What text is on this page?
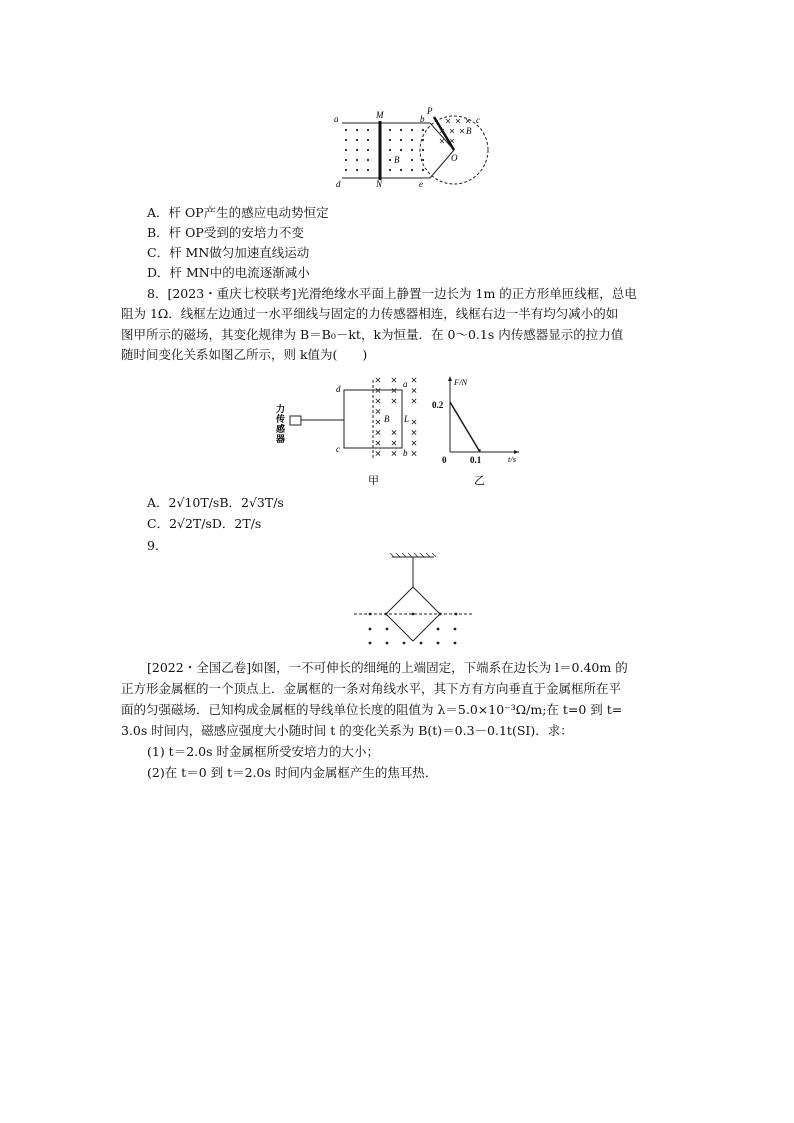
a	M	b
P
c
B
O
B
d	N	e
A．杆 OP产生的感应电动势恒定
B．杆 OP受到的安培力不变
C．杆 MN做匀加速直线运动
D．杆 MN中的电流逐渐减小
8．[2023・重庆七校联考]光滑绝缘水平面上静置一边长为 1m 的正方形单匝线框，总电
阻为 1Ω．线框左边通过一水平细线与固定的力传感器相连，线框右边一半有均匀减小的如
图甲所示的磁场，其变化规律为 B＝B₀－kt，k为恒量．在 0～0.1s 内传感器显示的拉力值
随时间变化关系如图乙所示，则 k值为(　　)
力
传
感
器
d	a
c	b
B L
甲
F/N
t/s
0.2
0.1
0
乙
A．2√10T/sB．2√3T/s
C．2√2T/sD．2T/s
9．
[2022・全国乙卷]如图，一不可伸长的细绳的上端固定，下端系在边长为 l＝0.40m 的
正方形金属框的一个顶点上．金属框的一条对角线水平，其下方有方向垂直于金属框所在平
面的匀强磁场．已知构成金属框的导线单位长度的阻值为 λ＝5.0×10⁻³Ω/m;在 t=0 到 t=
3.0s 时间内，磁感应强度大小随时间 t 的变化关系为 B(t)＝0.3－0.1t(SI)．求：
(1) t＝2.0s 时金属框所受安培力的大小；
(2)在 t＝0 到 t＝2.0s 时间内金属框产生的焦耳热．
